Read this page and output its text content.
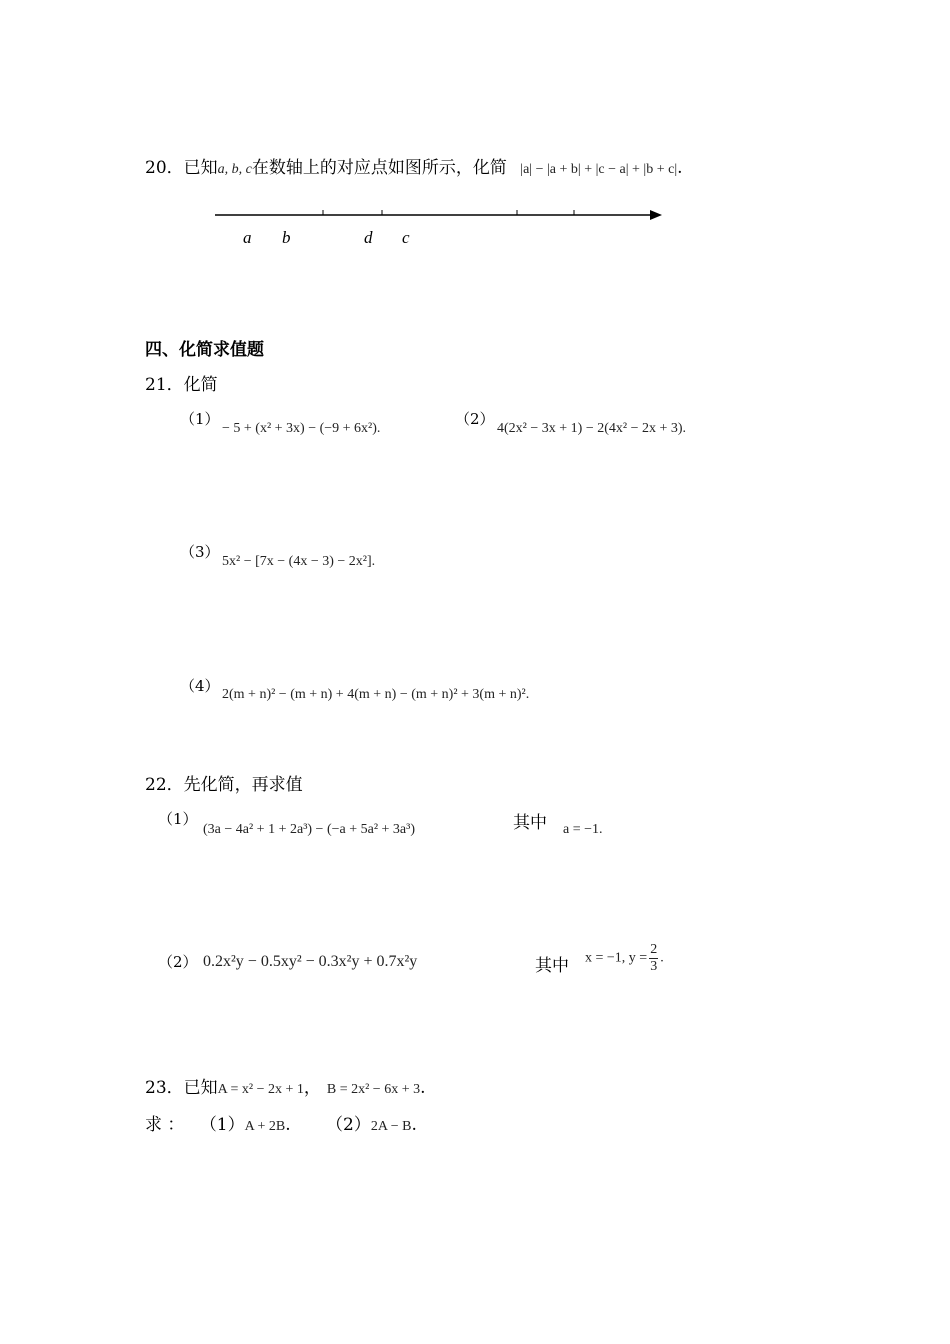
20．已知a, b, c在数轴上的对应点如图所示，化简 |a| − |a + b| + |c − a| + |b + c|.
a b	d c
四、化简求值题
21．化简
（1）
− 5 + (x² + 3x) − (−9 + 6x²).
（2）
4(2x² − 3x + 1) − 2(4x² − 2x + 3).
（3）
5x² − [7x − (4x − 3) − 2x²].
（4） 2(m + n)² − (m + n) + 4(m + n) − (m + n)² + 3(m + n)².
22．先化简，再求值
（1）
(3a − 4a² + 1 + 2a³) − (−a + 5a² + 3a³)	其中 a = −1.
（2） 0.2x²y − 0.5xy² − 0.3x²y + 0.7x²y	其中 x = −1, $y = \frac{2}{3}$ .
23．已知A = x² − 2x + 1， B = 2x² − 6x + 3.
求 ： （1）A + 2B. （2）2A − B.
